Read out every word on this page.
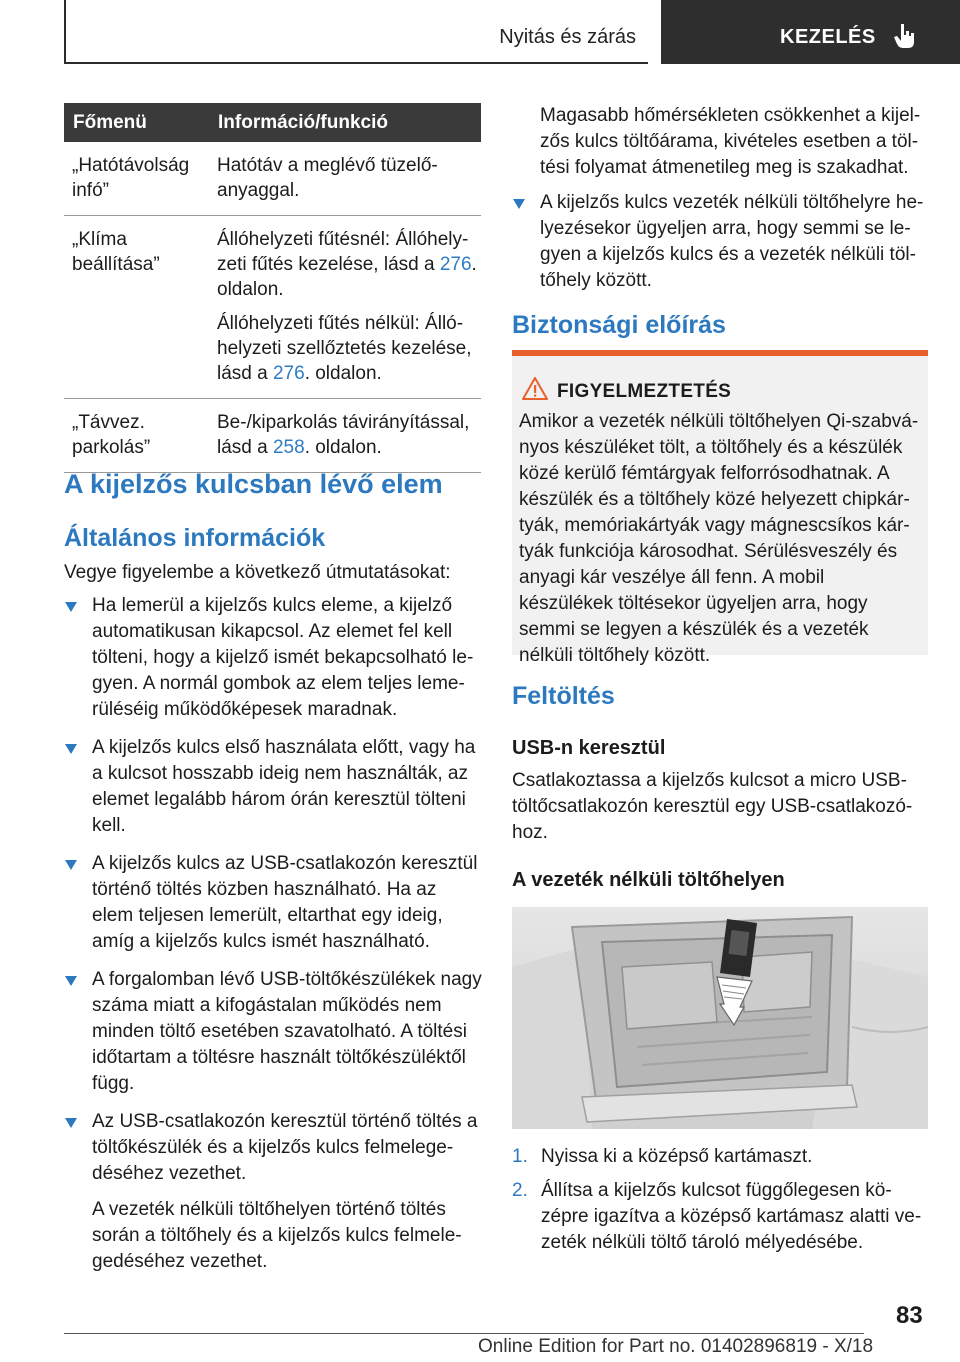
Nyitás és zárás	KEZELÉS
Főmenü	Információ/funkció
„Hatótávolság infó”	Hatótáv a meglévő tüzelőanyaggal.

„Klíma beállítása”	Állóhelyzeti fűtésnél: Állóhelyzeti fűtés kezelése, lásd a 276. oldalon.

Állóhelyzeti fűtés nélkül: Állóhelyzeti szellőztetés kezelése, lásd a 276. oldalon.

„Távvez. parkolás”	Be-/kiparkolás távirányítással, lásd a 258. oldalon.

A kijelzős kulcsban lévő elem
Általános információk
Vegye figyelembe a következő útmutatásokat:
Ha lemerül a kijelzős kulcs eleme, a kijelző automatikusan kikapcsol. Az elemet fel kell tölteni, hogy a kijelző ismét bekapcsolható legyen. A normál gombok az elem teljes lemerüléséig működőképesek maradnak.
A kijelzős kulcs első használata előtt, vagy ha a kulcsot hosszabb ideig nem használták, az elemet legalább három órán keresztül tölteni kell.
A kijelzős kulcs az USB-csatlakozón keresztül történő töltés közben használható. Ha az elem teljesen lemerült, eltarthat egy ideig, amíg a kijelzős kulcs ismét használható.
A forgalomban lévő USB-töltőkészülékek nagy száma miatt a kifogástalan működés nem minden töltő esetében szavatolható. A töltési időtartam a töltésre használt töltőkészüléktől függ.
Az USB-csatlakozón keresztül történő töltés a töltőkészülék és a kijelzős kulcs felmelegedéséhez vezethet.
A vezeték nélküli töltőhelyen történő töltés során a töltőhely és a kijelzős kulcs felmelegedéséhez vezethet.
Magasabb hőmérsékleten csökkenhet a kijelzős kulcs töltőárama, kivételes esetben a töltési folyamat átmenetileg meg is szakadhat.
A kijelzős kulcs vezeték nélküli töltőhelyre helyezésekor ügyeljen arra, hogy semmi se legyen a kijelzős kulcs és a vezeték nélküli töltőhely között.
Biztonsági előírás
FIGYELMEZTETÉS
Amikor a vezeték nélküli töltőhelyen Qi-szabványos készüléket tölt, a töltőhely és a készülék közé kerülő fémtárgyak felforrósodhatnak. A készülék és a töltőhely közé helyezett chipkártyák, memóriakártyák vagy mágnescsíkos kártyák funkciója károsodhat. Sérülésveszély és anyagi kár veszélye áll fenn. A mobil készülékek töltésekor ügyeljen arra, hogy semmi se legyen a készülék és a vezeték nélküli töltőhely között.
Feltöltés
USB-n keresztül
Csatlakoztassa a kijelzős kulcsot a micro USB-töltőcsatlakozón keresztül egy USB-csatlakozóhoz.
A vezeték nélküli töltőhelyen
1. Nyissa ki a középső kartámaszt.
2. Állítsa a kijelzős kulcsot függőlegesen középre igazítva a középső kartámasz alatti vezeték nélküli töltő tároló mélyedésébe.
83
Online Edition for Part no. 01402896819 - X/18
